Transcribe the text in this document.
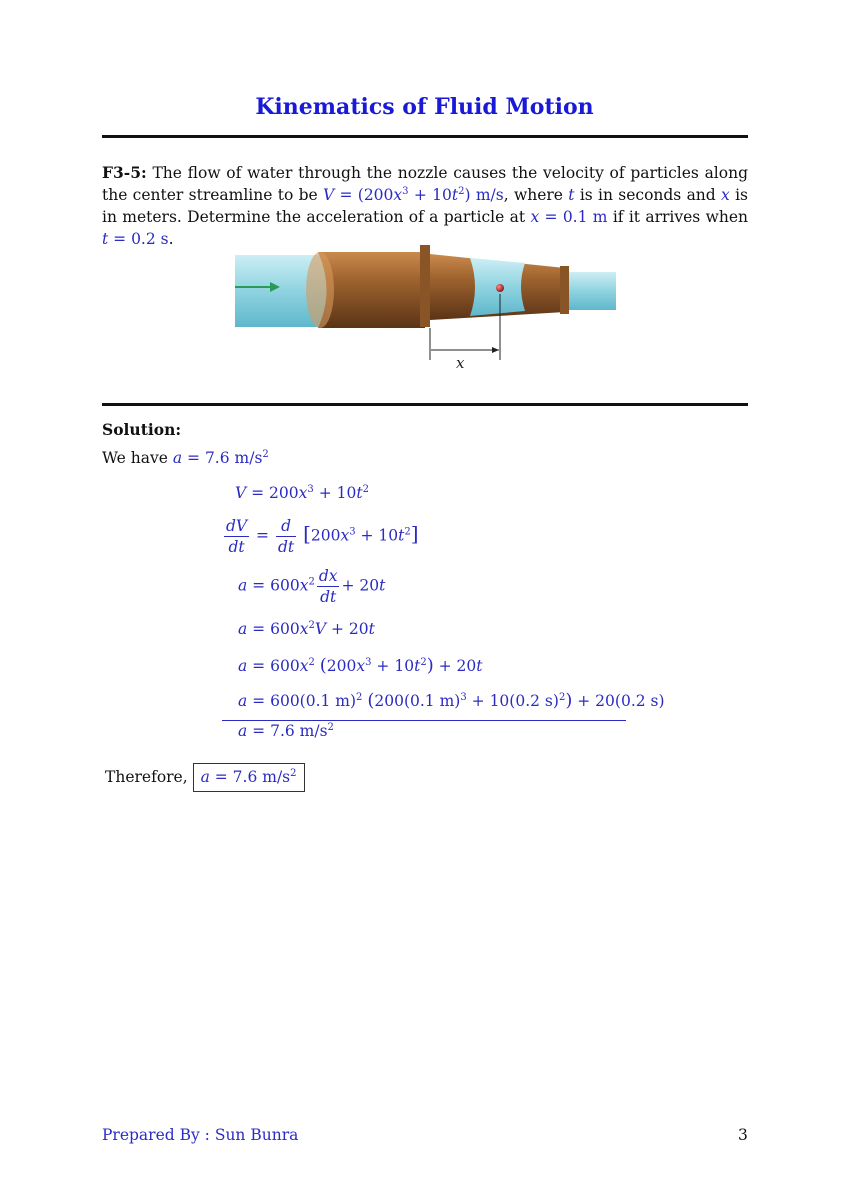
Kinematics of Fluid Motion
F3-5: The flow of water through the nozzle causes the velocity of particles along the center streamline to be $V = (200x^3 + 10t^2)$ m/s, where t is in seconds and x is in meters. Determine the acceleration of a particle at x = 0.1 m if it arrives when t = 0.2 s.
x
Solution:
We have a = 7.6 $m/s^2$
$V = 200x^3 + 10t^2$
$\frac{dV}{dt} = \frac{d}{dt} [200x^3 + 10t^2]$
$a = 600x^2 \frac{dx}{dt} + 20t$
$a = 600x^2V + 20t$
$a = 600x^2$ $(200x^3 + 10t^2) + 20t$
a = 600(0.1 m)$^2$ (200(0.1 m)$^3$ + 10(0.2 s)$^2$) + 20(0.2 s)
a = 7.6 $m/s^2$
Therefore, a = 7.6 $m/s^2$
Prepared By : Sun Bunra	3
